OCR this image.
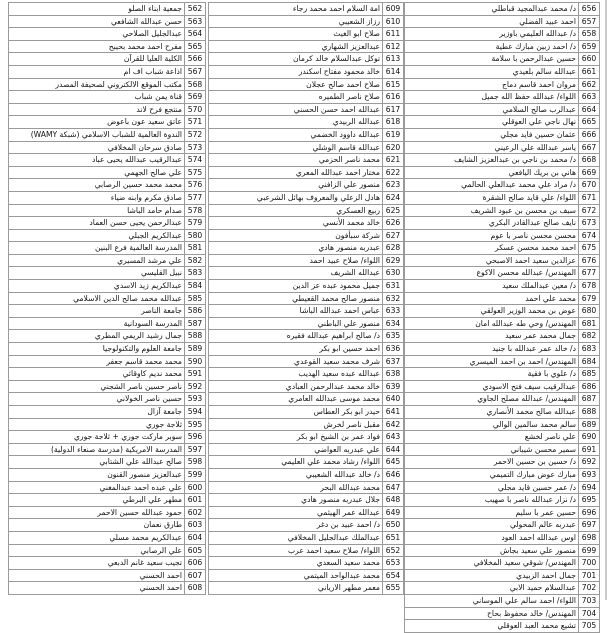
656	د/ محمد عبدالمجيد قباطلي
657	احمد عبيد الفضلي
658	د/ عبدالله العليمي باوزير
659	د/ احمد زبين مبارك عطية
660	حسين عبدالرحمن با سلامة
661	عبدالله سالم بلعيدي
662	مروان احمد قاسم دماج
663	اللواء/ عبدالله حفظ الله جميل
664	عبدالرب صالح السلامي
665	نهال ناجي علي العوقلي
666	عثمان حسين فايد مجلي
667	ياسر عبدالله علي الرعيني
668	د/ محمد بن ناجي بن عبدالعزيز الشايف
669	هاني بن بريك اليافعي
670	د/ مراد علي محمد عبدالعلي الحالمي
671	اللواء/ علي قايد صالح الشقرة
672	سيف بن محسن بن عبود الشريف
673	نايف صالح عبدالقادر البكري
674	محسن محسن ناصر با عوم
675	احمد محمد محسن عسكر
676	عزالدين سعيد احمد الاصبحي
677	المهندس/ عبدالله محسن الاكوع
678	د/ معين عبدالملك سعيد
679	محمد علي احمد
680	عوض بن محمد الوزير العولقي
681	المهندس/ وحي طه عبدالله امان
682	جمال محمد عمر سعيد
683	د/ خالد عمر عبدالله با جنيد
684	المهندس/ احمد بن احمد الميسري
685	د/ علوي با فقية
686	عبدالرقيب سيف فتح الاسودي
687	المهندس/ عبدالله مصلح الجاوي
688	عبدالله صالح محمد الأنصاري
689	سالم محمد سالمين الوالي
690	علي ناصر لخشع
691	سمير محسن شيباني
692	د/ حسين بن حسين الاحمر
693	مبارك عوض مبارك التميمي
694	د/ عمر حسين قايد مجلي
695	د/ نزار عبدالله ناصر با صهيب
696	حسين عمر با سليم
697	عبدربه عالم المحولي
698	اوس عبدالله احمد العود
699	منصور علي سعيد بجاش
700	المهندس/ شوقي سعيد المخلافي
701	جمال احمد الزبيدي
702	عبدالسلام حميد الابي
703	اللواء/ احمد سالم علي الموساني
704	المهندس/ خالد محفوظ بحاح
705	تشيع محمد العبد العوقلي
609	امة السلام احمد محمد رجاء
610	رزاز الشعيبي
611	صلاح ابو الغيث
612	عبدالعزيز الشهاري
613	توكل عبدالسلام خالد كرمان
614	خالد محمود مفتاح اسكندر
615	صلاح احمد صالح عجلان
616	صلاح ناصر الطميره
617	عبدالله احمد حسن الحسني
618	عبدالله الربيدي
619	عبدالله داوود الخضمي
620	عبدالله قاسم الوشلي
621	محمد ناصر الحزمي
622	مختار احمد عبدالله المعري
623	منصور علي الزافني
624	هادل الزعلي والمعروف بهائل الشرعبي
625	ربيع العسكري
626	خالد محمد الأنسي
627	شركة سبأفون
628	عبدربه منصور هادي
629	اللواء/ صلاح عبيد احمد
630	عبدالله الشريف
631	جميل محمود عبده عز الدين
632	منصور صالح محمد القعيطي
633	عباس احمد عبدالله الباشا
634	منصور علي الباطني
635	د/ صالح ابراهيم عبدالله فقيره
636	احمد حسين ابو بكر
637	شرف محمد سعيد القوعدي
638	عبدالله عبده سعيد الهديب
639	خالد محمد عبدالرحمن العبادي
640	محمد موسى عبدالله العامري
641	حيدر ابو بكر العطاس
642	مقبل ناصر لخرش
643	فواد عمر بن الشيخ ابو بكر
644	علي عبدربه العواضي
645	اللواء/ رشاد محمد علي العليمي
646	د/ خالد عبدالله الشعيبي
647	محمد عبدالله البحر
648	جلال عبدربه منصور هادي
649	عبدالله عمر الهيثمي
650	د/ احمد عبيد بن دغر
651	عبدالملك عبدالجليل المخلافي
652	اللواء/ صلاح سعيد احمد عرب
653	محمد سعيد السعدي
654	محمد عبدالواحد الميتمي
655	معمر مطهر الارياني
562	جمعية ابناء الصلو
563	حسن عبدالله الشافعي
564	عبدالجليل الصلاحي
565	مفرح احمد محمد بحيبح
566	الكلية العليا للقرآن
567	اذاعة شباب اف ام
568	مكتب الموقع الالكتروني لصحيفة المصدر
569	قناة يمن شباب
570	منتجع فرح لاند
571	عاتق سعيد عون باعوض
572	الندوة العالمية للشباب الاسلامي (شبكة WAMY)
573	صادق سرحان المخلافي
574	عبدالرقيب عبدالله يحيى عباد
575	علي صالح الجهمي
576	محمد محمد حسين الرصابي
577	صادق مكرم وابنه ضياء
578	صدام حامد الباشا
579	عبدالرحمن يحيى حسن العماد
580	عبدالكريم الجبلي
581	المدرسة العالمية فرع البنين
582	علي مرشد المسيري
583	نبيل القليسي
584	عبدالكريم زيد الاسدي
585	عبدالله محمد صالح الدين الاسلامي
586	جامعة الناصر
587	المدرسة السودانية
588	جمال رشيد الريمي المطري
589	جامعة العلوم والتكنولوجيا
590	محمد محمد قاسم جعفر
591	محمد نديم كاوقائي
592	ناصر حسين ناصر الشجني
593	حسين ناصر الخولاني
594	جامعة آزال
595	ثلاجة جوري
596	سوبر ماركت جوري + ثلاجة جوري
597	المدرسة الامريكية (مدرسة صنعاء الدولية)
598	صالح عبدالله علي الشتابي
599	عبدالعزيز منصور القنون
600	علي عبده احمد عبدالمغني
601	مطهر علي البرطي
602	حمود عبدالله حسين الاحمر
603	طارق نعمان
604	عبدالكريم محمد مسلي
605	علي الرصابي
606	تجيب سعيد غانم الدبعي
607	احمد الحسني
608	احمد الحسني
